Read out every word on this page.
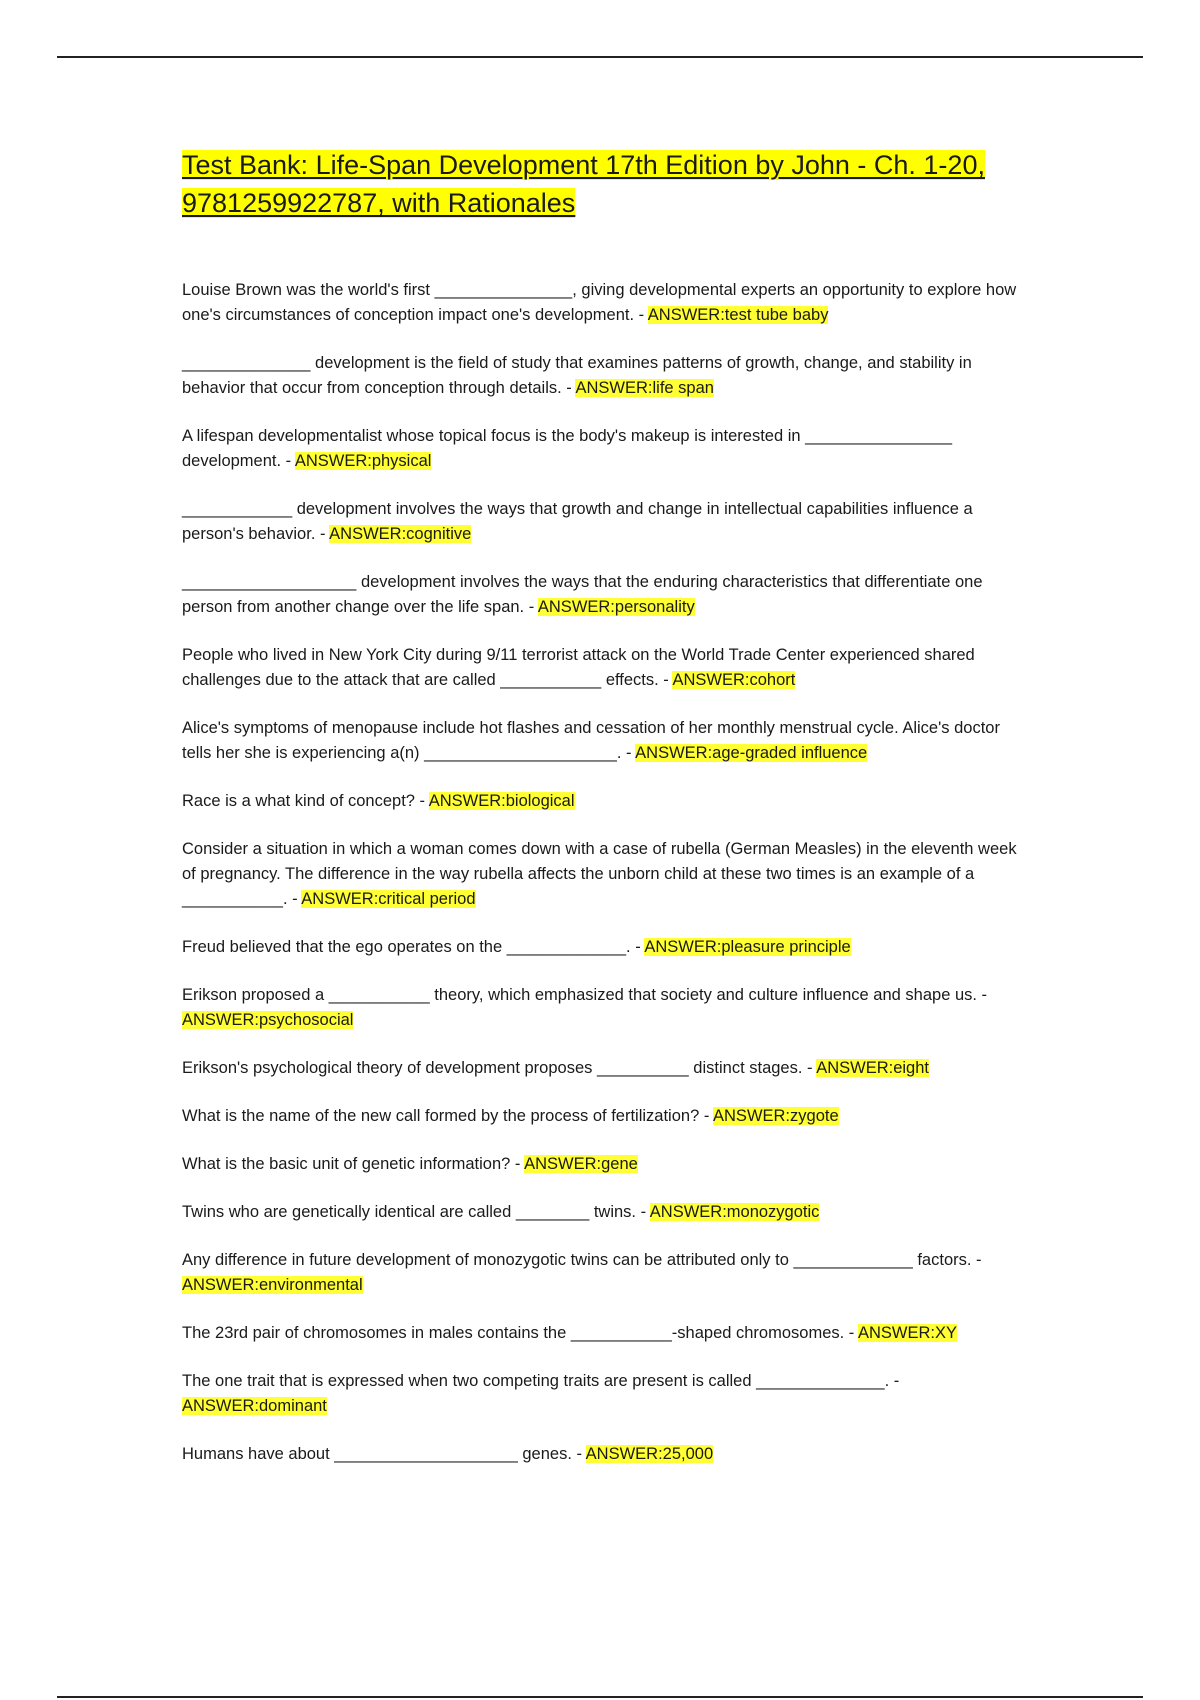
Test Bank: Life-Span Development 17th Edition by John - Ch. 1-20, 9781259922787, with Rationales

Louise Brown was the world's first _______________, giving developmental experts an opportunity to explore how one's circumstances of conception impact one's development. - ANSWER:test tube baby

______________ development is the field of study that examines patterns of growth, change, and stability in behavior that occur from conception through details. - ANSWER:life span

A lifespan developmentalist whose topical focus is the body's makeup is interested in ________________ development. - ANSWER:physical

____________ development involves the ways that growth and change in intellectual capabilities influence a person's behavior. - ANSWER:cognitive

___________________ development involves the ways that the enduring characteristics that differentiate one person from another change over the life span. - ANSWER:personality

People who lived in New York City during 9/11 terrorist attack on the World Trade Center experienced shared challenges due to the attack that are called ___________ effects. - ANSWER:cohort

Alice's symptoms of menopause include hot flashes and cessation of her monthly menstrual cycle. Alice's doctor tells her she is experiencing a(n) _____________________. - ANSWER:age-graded influence

Race is a what kind of concept? - ANSWER:biological

Consider a situation in which a woman comes down with a case of rubella (German Measles) in the eleventh week of pregnancy. The difference in the way rubella affects the unborn child at these two times is an example of a ___________. - ANSWER:critical period

Freud believed that the ego operates on the _____________. - ANSWER:pleasure principle

Erikson proposed a ___________ theory, which emphasized that society and culture influence and shape us. - ANSWER:psychosocial

Erikson's psychological theory of development proposes __________ distinct stages. - ANSWER:eight

What is the name of the new call formed by the process of fertilization? - ANSWER:zygote

What is the basic unit of genetic information? - ANSWER:gene

Twins who are genetically identical are called ________ twins. - ANSWER:monozygotic

Any difference in future development of monozygotic twins can be attributed only to _____________ factors. - ANSWER:environmental

The 23rd pair of chromosomes in males contains the ___________-shaped chromosomes. - ANSWER:XY

The one trait that is expressed when two competing traits are present is called ______________. - ANSWER:dominant

Humans have about ____________________ genes. - ANSWER:25,000
